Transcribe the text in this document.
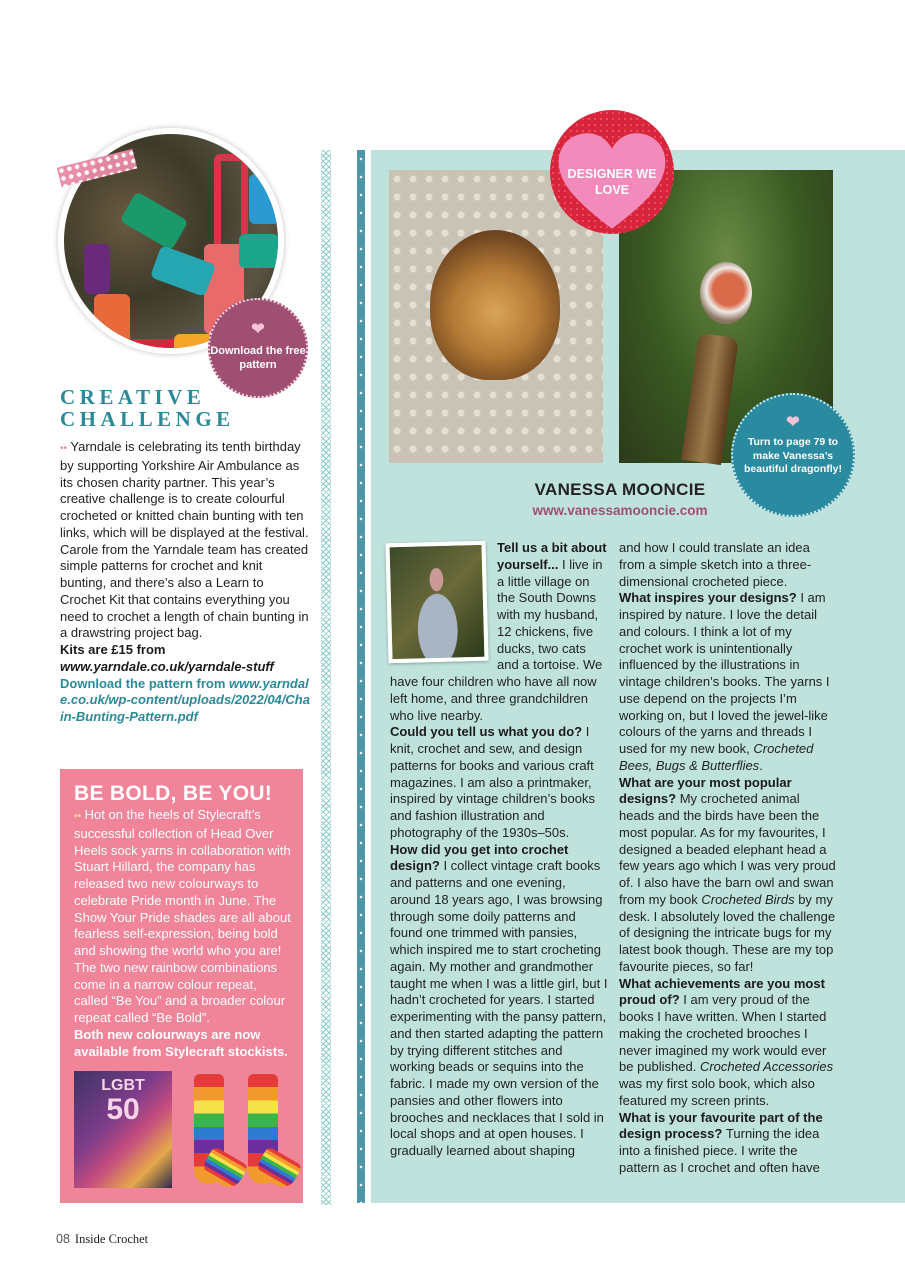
❤
Download the free pattern
CREATIVE
CHALLENGE

•• Yarndale is celebrating its tenth birthday by supporting Yorkshire Air Ambulance as its chosen charity partner. This year’s creative challenge is to create colourful crocheted or knitted chain bunting with ten links, which will be displayed at the festival. Carole from the Yarndale team has created simple patterns for crochet and knit bunting, and there’s also a Learn to Crochet Kit that contains everything you need to crochet a length of chain bunting in a drawstring project bag.

Kits are £15 from www.yarndale.co.uk/yarndale-stuff

Download the pattern from www.yarndale.co.uk/wp-content/uploads/2022/04/Chain-Bunting-Pattern.pdf

BE BOLD, BE YOU!

•• Hot on the heels of Stylecraft’s successful collection of Head Over Heels sock yarns in collaboration with Stuart Hillard, the company has released two new colourways to celebrate Pride month in June. The Show Your Pride shades are all about fearless self-expression, being bold and showing the world who you are! The two new rainbow combinations come in a narrow colour repeat, called “Be You” and a broader colour repeat called “Be Bold”.

Both new colourways are now available from Stylecraft stockists.

LGBT
50
DESIGNER WE LOVE
❤
Turn to page 79 to make Vanessa’s beautiful dragonfly!
VANESSA MOONCIE
www.vanessamooncie.com

Tell us a bit about yourself... I live in a little village on the South Downs with my husband, 12 chickens, five ducks, two cats and a tortoise. We have four children who have all now left home, and three grandchildren who live nearby.

Could you tell us what you do? I knit, crochet and sew, and design patterns for books and various craft magazines. I am also a printmaker, inspired by vintage children’s books and fashion illustration and photography of the 1930s–50s.

How did you get into crochet design? I collect vintage craft books and patterns and one evening, around 18 years ago, I was browsing through some doily patterns and found one trimmed with pansies, which inspired me to start crocheting again. My mother and grandmother taught me when I was a little girl, but I hadn’t crocheted for years. I started experimenting with the pansy pattern, and then started adapting the pattern by trying different stitches and working beads or sequins into the fabric. I made my own version of the pansies and other flowers into brooches and necklaces that I sold in local shops and at open houses. I gradually learned about shaping

and how I could translate an idea from a simple sketch into a three-dimensional crocheted piece.

What inspires your designs? I am inspired by nature. I love the detail and colours. I think a lot of my crochet work is unintentionally influenced by the illustrations in vintage children’s books. The yarns I use depend on the projects I’m working on, but I loved the jewel-like colours of the yarns and threads I used for my new book, Crocheted Bees, Bugs & Butterflies.

What are your most popular designs? My crocheted animal heads and the birds have been the most popular. As for my favourites, I designed a beaded elephant head a few years ago which I was very proud of. I also have the barn owl and swan from my book Crocheted Birds by my desk. I absolutely loved the challenge of designing the intricate bugs for my latest book though. These are my top favourite pieces, so far!

What achievements are you most proud of? I am very proud of the books I have written. When I started making the crocheted brooches I never imagined my work would ever be published. Crocheted Accessories was my first solo book, which also featured my screen prints.

What is your favourite part of the design process? Turning the idea into a finished piece. I write the pattern as I crochet and often have

08 Inside Crochet
